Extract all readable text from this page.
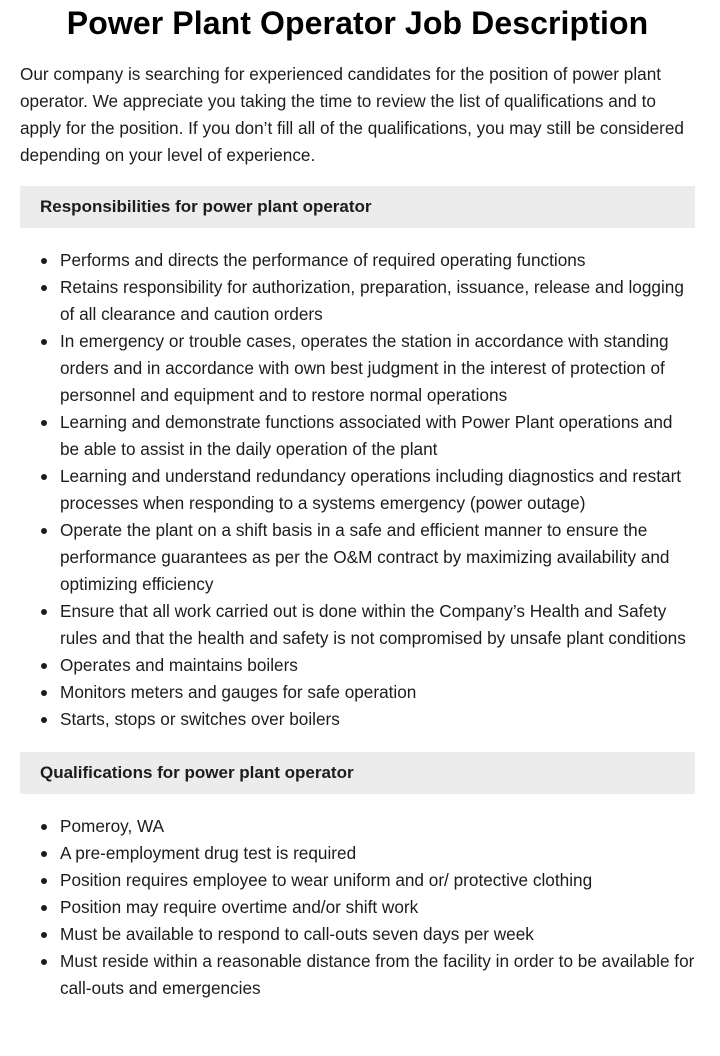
Power Plant Operator Job Description

Our company is searching for experienced candidates for the position of power plant operator. We appreciate you taking the time to review the list of qualifications and to apply for the position. If you don’t fill all of the qualifications, you may still be considered depending on your level of experience.

Responsibilities for power plant operator
Performs and directs the performance of required operating functions
Retains responsibility for authorization, preparation, issuance, release and logging of all clearance and caution orders
In emergency or trouble cases, operates the station in accordance with standing orders and in accordance with own best judgment in the interest of protection of personnel and equipment and to restore normal operations
Learning and demonstrate functions associated with Power Plant operations and be able to assist in the daily operation of the plant
Learning and understand redundancy operations including diagnostics and restart processes when responding to a systems emergency (power outage)
Operate the plant on a shift basis in a safe and efficient manner to ensure the performance guarantees as per the O&M contract by maximizing availability and optimizing efficiency
Ensure that all work carried out is done within the Company’s Health and Safety rules and that the health and safety is not compromised by unsafe plant conditions
Operates and maintains boilers
Monitors meters and gauges for safe operation
Starts, stops or switches over boilers
Qualifications for power plant operator
Pomeroy, WA
A pre-employment drug test is required
Position requires employee to wear uniform and or/ protective clothing
Position may require overtime and/or shift work
Must be available to respond to call-outs seven days per week
Must reside within a reasonable distance from the facility in order to be available for call-outs and emergencies
